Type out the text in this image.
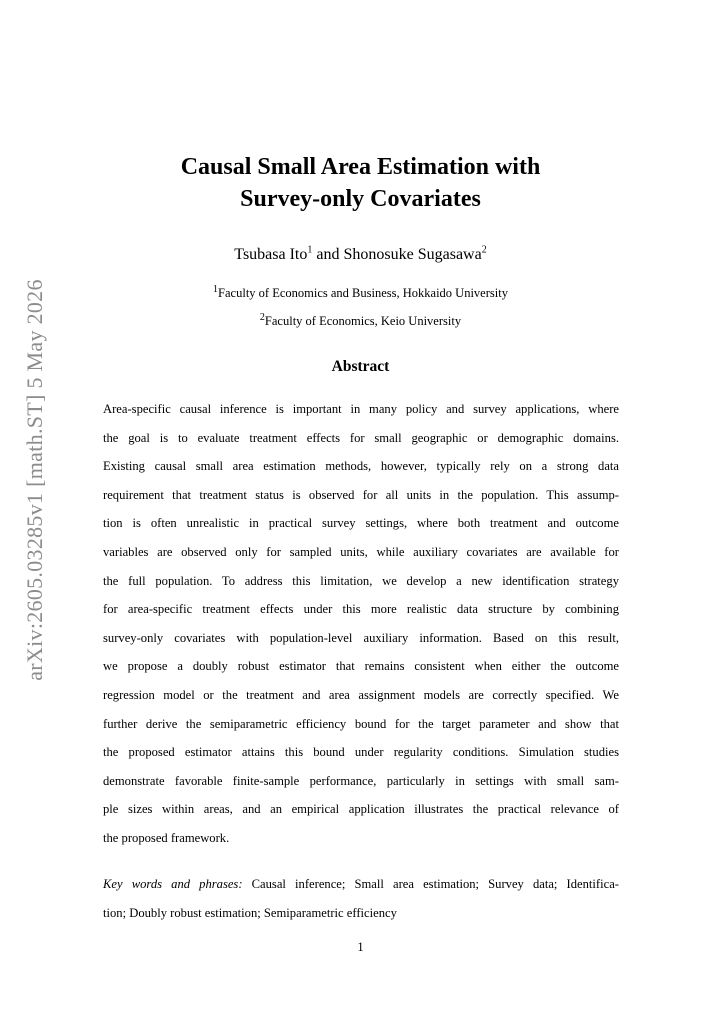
arXiv:2605.03285v1 [math.ST] 5 May 2026
Causal Small Area Estimation with
Survey-only Covariates
Tsubasa Ito$^1$ and Shonosuke Sugasawa$^2$
$^1$Faculty of Economics and Business, Hokkaido University
$^2$Faculty of Economics, Keio University
Abstract
Area-specific causal inference is important in many policy and survey applications, where
the goal is to evaluate treatment effects for small geographic or demographic domains.
Existing causal small area estimation methods, however, typically rely on a strong data
requirement that treatment status is observed for all units in the population. This assump-
tion is often unrealistic in practical survey settings, where both treatment and outcome
variables are observed only for sampled units, while auxiliary covariates are available for
the full population. To address this limitation, we develop a new identification strategy
for area-specific treatment effects under this more realistic data structure by combining
survey-only covariates with population-level auxiliary information. Based on this result,
we propose a doubly robust estimator that remains consistent when either the outcome
regression model or the treatment and area assignment models are correctly specified. We
further derive the semiparametric efficiency bound for the target parameter and show that
the proposed estimator attains this bound under regularity conditions. Simulation studies
demonstrate favorable finite-sample performance, particularly in settings with small sam-
ple sizes within areas, and an empirical application illustrates the practical relevance of
the proposed framework.
Key words and phrases: Causal inference; Small area estimation; Survey data; Identifica-
tion; Doubly robust estimation; Semiparametric efficiency
1
